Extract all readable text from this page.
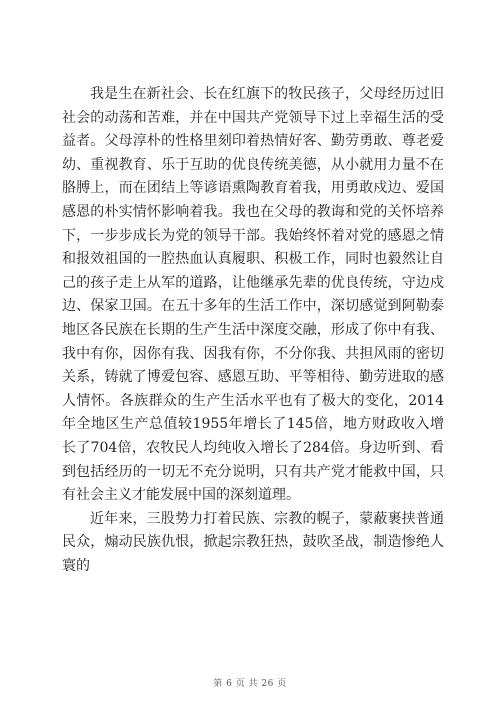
我是生在新社会、长在红旗下的牧民孩子，父母经历过旧社会的动荡和苦难，并在中国共产党领导下过上幸福生活的受益者。父母淳朴的性格里刻印着热情好客、勤劳勇敢、尊老爱幼、重视教育、乐于互助的优良传统美德，从小就用力量不在胳膊上，而在团结上等谚语熏陶教育着我，用勇敢戍边、爱国感恩的朴实情怀影响着我。我也在父母的教诲和党的关怀培养下，一步步成长为党的领导干部。我始终怀着对党的感恩之情和报效祖国的一腔热血认真履职、积极工作，同时也毅然让自己的孩子走上从军的道路，让他继承先辈的优良传统，守边戍边、保家卫国。在五十多年的生活工作中，深切感觉到阿勒泰地区各民族在长期的生产生活中深度交融，形成了你中有我、我中有你，因你有我、因我有你，不分你我、共担风雨的密切关系，铸就了博爱包容、感恩互助、平等相待、勤劳进取的感人情怀。各族群众的生产生活水平也有了极大的变化，2014年全地区生产总值较1955年增长了145倍，地方财政收入增长了704倍，农牧民人均纯收入增长了284倍。身边听到、看到包括经历的一切无不充分说明，只有共产党才能救中国，只有社会主义才能发展中国的深刻道理。

近年来，三股势力打着民族、宗教的幌子，蒙蔽裹挟普通民众，煽动民族仇恨，掀起宗教狂热，鼓吹圣战，制造惨绝人寰的

第 6 页 共 26 页
